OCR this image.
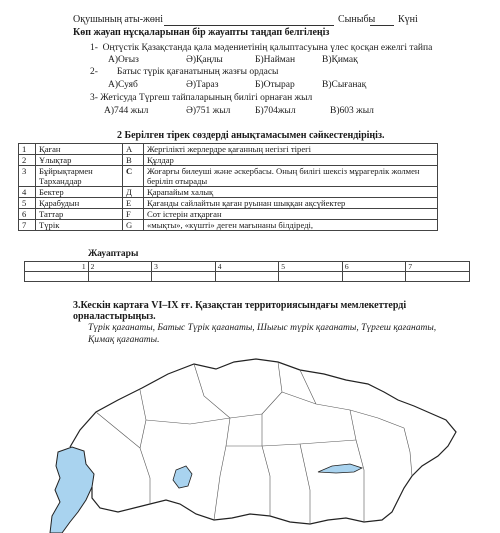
Оқушының аты-жөні	Сыныбы Күні
Көп жауап нұсқаларынан бір жауапты таңдап белгілеңіз
1- Оңтүстік Қазақстанда қала мәдениетінің қалыптасуына үлес қосқан ежелгі тайпа
А)Оғыз	Ә)Қаңлы	Б)Найман	В)Қимақ
2- Батыс түрік қағанатының жазғы ордасы
А)Суяб	Ә)Тараз	Б)Отырар	В)Сығанақ
3- Жетісуда Түргеш тайпаларының билігі орнаған жыл
А)744 жыл	Ә)751 жыл	Б)704жыл	В)603 жыл
2 Берілген тірек сөздерді анықтамасымен сәйкестендіріңіз.
1	Қаған	А	Жергілікті жерлердре қағанның негізгі тірегі
2	Ұлықтар	В	Құлдар
3	Бұйрықтармен Тарханддар	С	Жоғарғы билеуші және әскербасы. Оның билігі шексіз мұрагерлік жолмен беріліп отырады
4	Бектер	Д	Қарапайым халық
5	Қарабудын	Е	Қағанды сайлайтын қаған руынан шыққан ақсүйектер
6	Таттар	F	Сот істерін атқарған
7	Түрік	G	«мықты», «күшті» деген мағынаны білдіреді,
Жауаптары
1	2	3	4	5	6	7

3.Кескін картаға VI–IX ғғ. Қазақстан территориясындағы мемлекеттерді
орналастырыңыз.
Түрік қағанаты, Батыс Түрік қағанаты, Шығыс түрік қағанаты, Түргеш қағанаты,
Қимақ қағанаты.
